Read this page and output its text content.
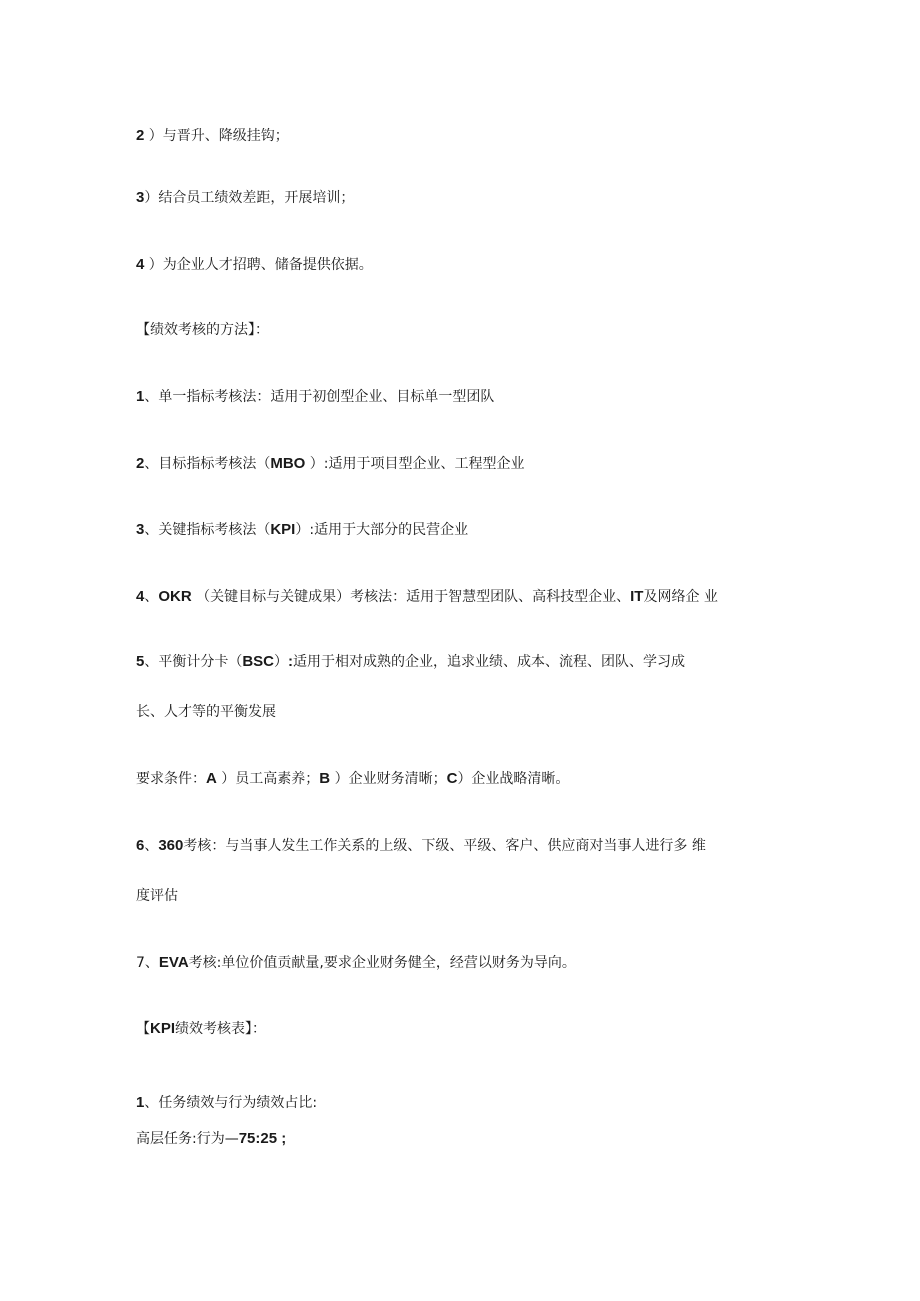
2 ）与晋升、降级挂钩；

3）结合员工绩效差距，开展培训；

4 ）为企业人才招聘、储备提供依据。

【绩效考核的方法】：

1、单一指标考核法：适用于初创型企业、目标单一型团队

2、目标指标考核法（MBO ）:适用于项目型企业、工程型企业

3、关键指标考核法（KPI）:适用于大部分的民营企业

4、OKR （关键目标与关键成果）考核法：适用于智慧型团队、高科技型企业、IT及网络企 业

5、平衡计分卡（BSC）:适用于相对成熟的企业，追求业绩、成本、流程、团队、学习成

长、人才等的平衡发展

要求条件：A ）员工高素养；B ）企业财务清晰；C）企业战略清晰。

6、360考核：与当事人发生工作关系的上级、下级、平级、客户、供应商对当事人进行多 维

度评估

7、EVA考核:单位价值贡献量,要求企业财务健全，经营以财务为导向。

【KPI绩效考核表】：

1、任务绩效与行为绩效占比:

高层任务:行为—75:25 ;
